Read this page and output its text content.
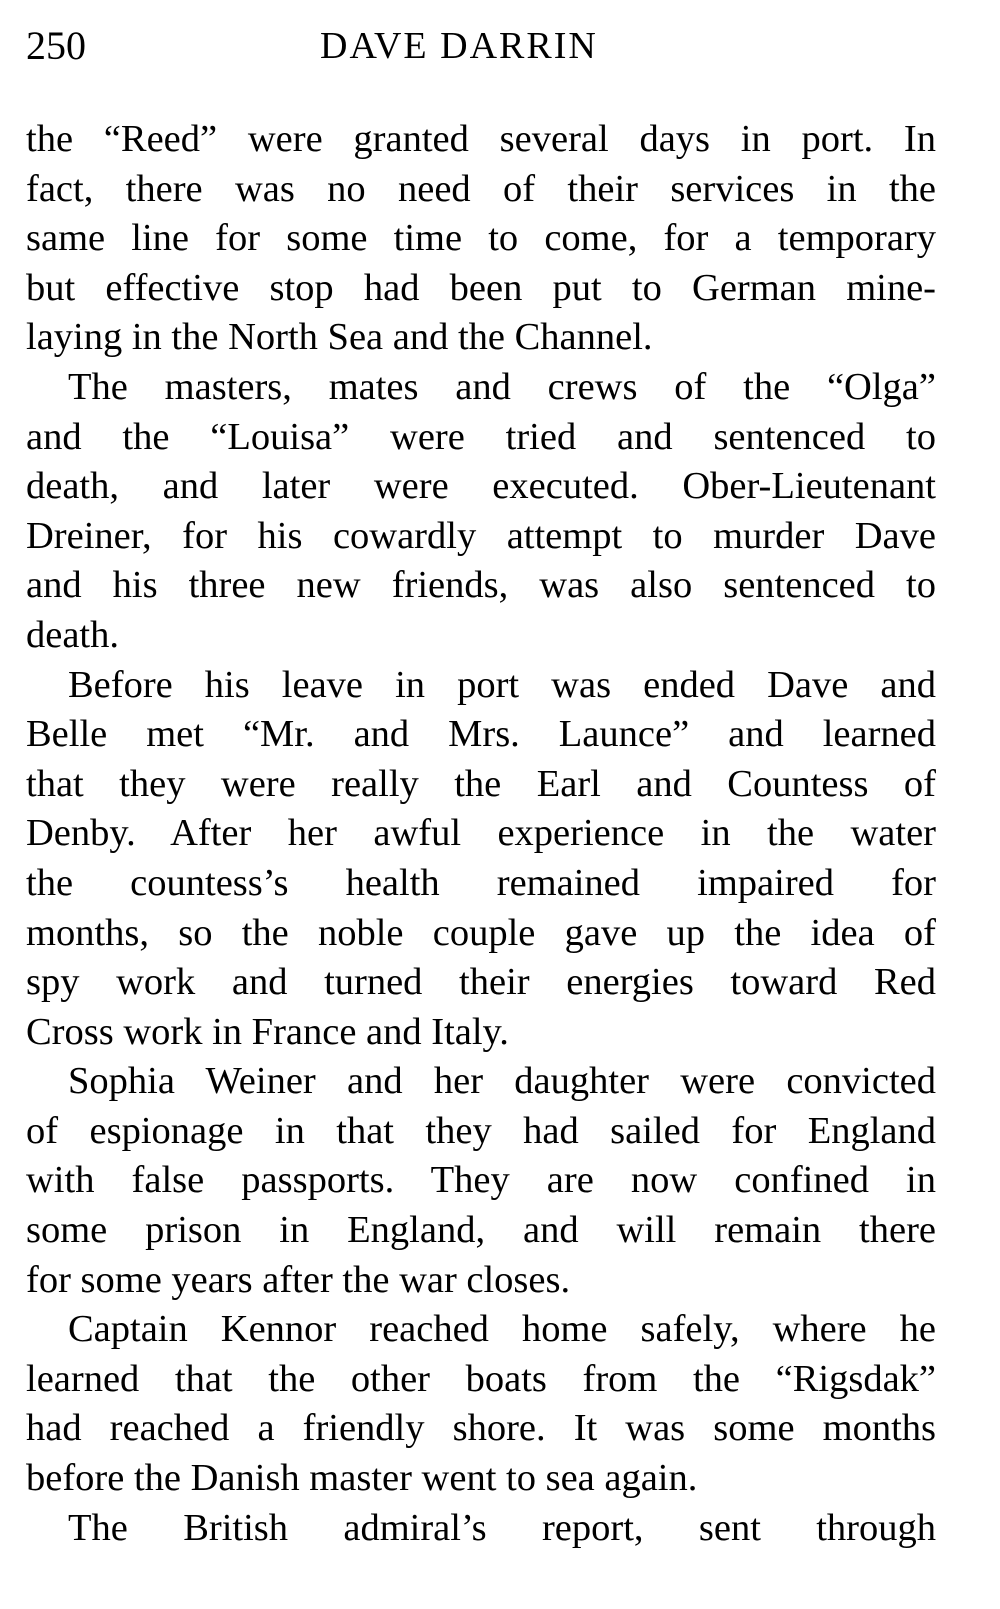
250	DAVE DARRIN
the “Reed” were granted several days in port. In
fact, there was no need of their services in the
same line for some time to come, for a temporary
but effective stop had been put to German mine-
laying in the North Sea and the Channel.
The masters, mates and crews of the “Olga”
and the “Louisa” were tried and sentenced to
death, and later were executed. Ober-Lieutenant
Dreiner, for his cowardly attempt to murder Dave
and his three new friends, was also sentenced to
death.
Before his leave in port was ended Dave and
Belle met “Mr. and Mrs. Launce” and learned
that they were really the Earl and Countess of
Denby. After her awful experience in the water
the countess’s health remained impaired for
months, so the noble couple gave up the idea of
spy work and turned their energies toward Red
Cross work in France and Italy.
Sophia Weiner and her daughter were convicted
of espionage in that they had sailed for England
with false passports. They are now confined in
some prison in England, and will remain there
for some years after the war closes.
Captain Kennor reached home safely, where he
learned that the other boats from the “Rigsdak”
had reached a friendly shore. It was some months
before the Danish master went to sea again.
The British admiral’s report, sent through
